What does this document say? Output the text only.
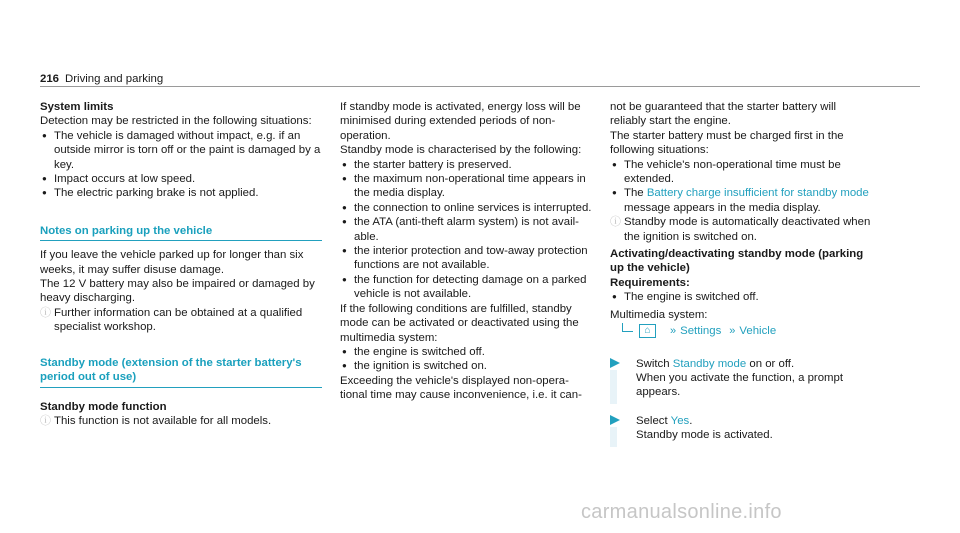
216 Driving and parking

System limits

Detection may be restricted in the following situations:

● The vehicle is damaged without impact, e.g. if an outside mirror is torn off or the paint is damaged by a key.
● Impact occurs at low speed.
● The electric parking brake is not applied.

Notes on parking up the vehicle

If you leave the vehicle parked up for longer than six weeks, it may suffer disuse damage.

The 12 V battery may also be impaired or damaged by heavy discharging.

ⓘ Further information can be obtained at a qualified specialist workshop.

Standby mode (extension of the starter battery's period out of use)

Standby mode function

ⓘ This function is not available for all models.

If standby mode is activated, energy loss will be minimised during extended periods of non-operation.

Standby mode is characterised by the following:

● the starter battery is preserved.
● the maximum non-operational time appears in the media display.
● the connection to online services is interrupted.
● the ATA (anti-theft alarm system) is not available.
● the interior protection and tow-away protection functions are not available.
● the function for detecting damage on a parked vehicle is not available.

If the following conditions are fulfilled, standby mode can be activated or deactivated using the multimedia system:

● the engine is switched off.
● the ignition is switched on.

Exceeding the vehicle's displayed non-operational time may cause inconvenience, i.e. it can-

not be guaranteed that the starter battery will reliably start the engine.

The starter battery must be charged first in the following situations:

● The vehicle's non-operational time must be extended.
● The Battery charge insufficient for standby mode message appears in the media display.
ⓘ Standby mode is automatically deactivated when the ignition is switched on.

Activating/deactivating standby mode (parking up the vehicle)

Requirements:

● The engine is switched off.

Multimedia system:

⌂ » Settings » Vehicle

Switch Standby mode on or off.

When you activate the function, a prompt appears.

Select Yes.

Standby mode is activated.

carmanualsonline.info
